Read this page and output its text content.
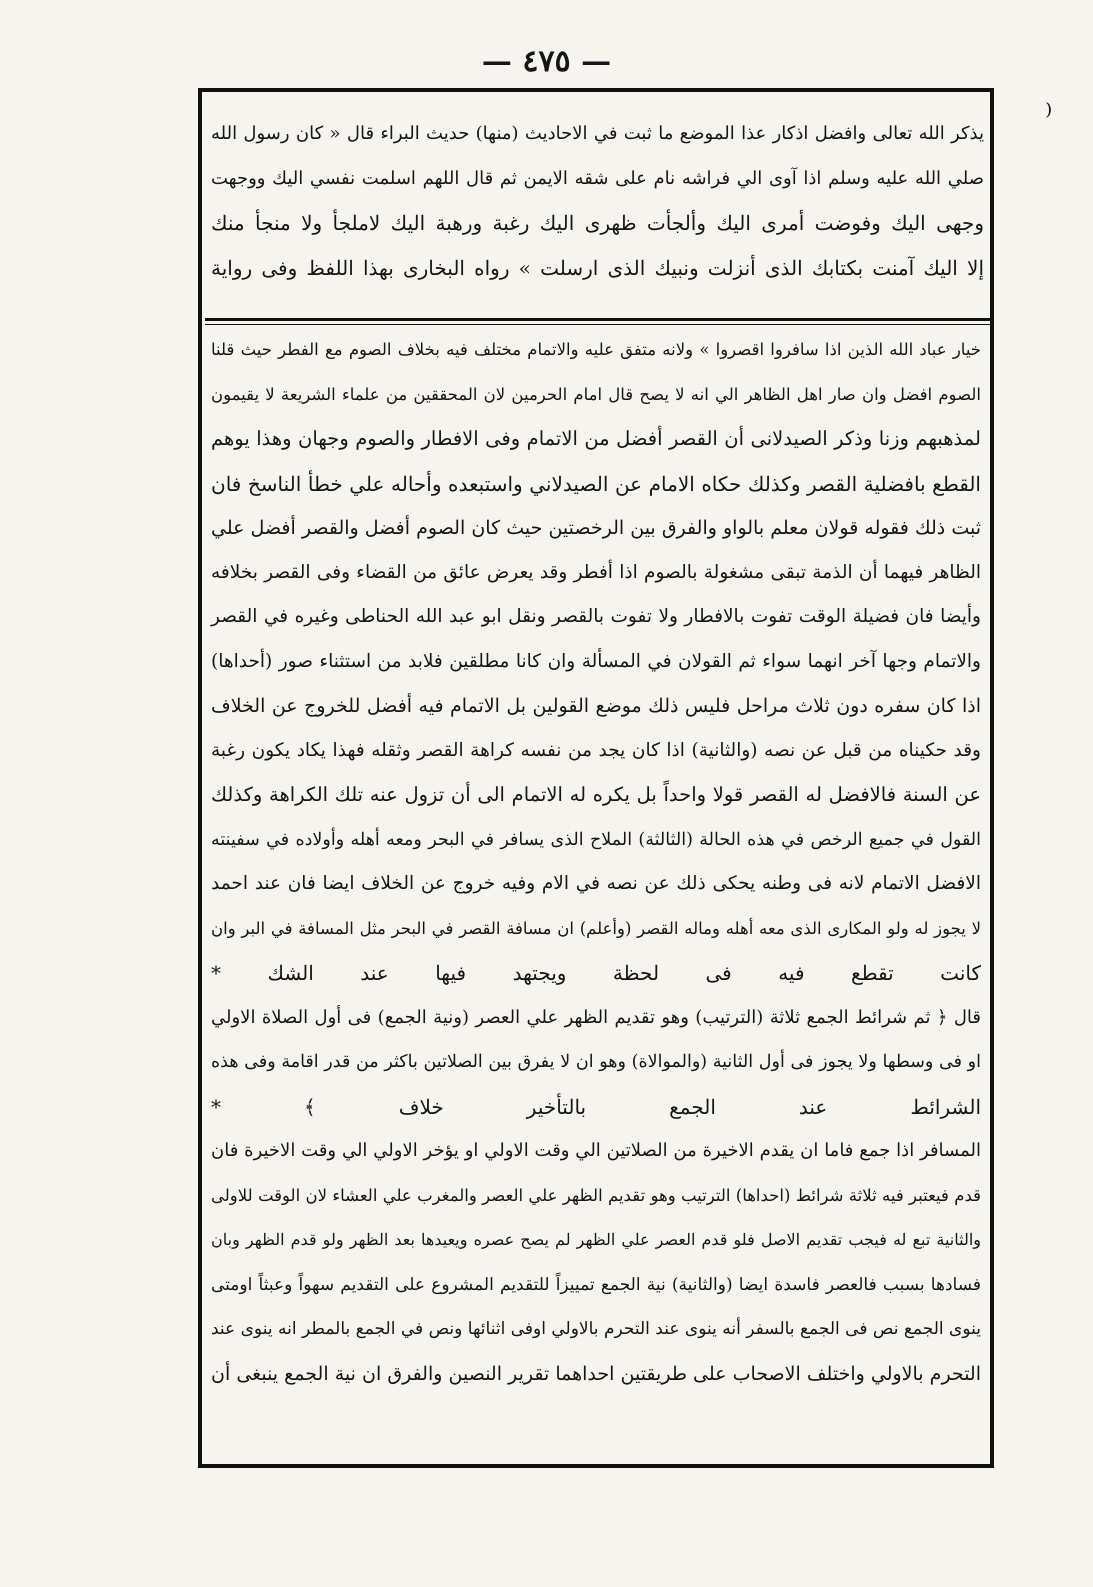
— ٤٧٥ —
⁾
يذكر الله تعالى وافضل اذكار عذا الموضع ما ثبت في الاحاديث (منها) حديث البراء قال « كان رسول الله
صلي الله عليه وسلم اذا آوى الي فراشه نام على شقه الايمن ثم قال اللهم اسلمت نفسي اليك ووجهت
وجهى اليك وفوضت أمرى اليك وألجأت ظهرى اليك رغبة ورهبة اليك لاملجأ ولا منجأ منك
إلا اليك آمنت بكتابك الذى أنزلت ونبيك الذى ارسلت » رواه البخارى بهذا اللفظ وفى رواية
خيار عباد الله الذين اذا سافروا اقصروا » ولانه متفق عليه والاتمام مختلف فيه بخلاف الصوم مع الفطر حيث قلنا
الصوم افضل وان صار اهل الظاهر الي انه لا يصح قال امام الحرمين لان المحققين من علماء الشريعة لا يقيمون
لمذهبهم وزنا وذكر الصيدلانى أن القصر أفضل من الاتمام وفى الافطار والصوم وجهان وهذا يوهم
القطع بافضلية القصر وكذلك حكاه الامام عن الصيدلاني واستبعده وأحاله علي خطأ الناسخ فان
ثبت ذلك فقوله قولان معلم بالواو والفرق بين الرخصتين حيث كان الصوم أفضل والقصر أفضل علي
الظاهر فيهما أن الذمة تبقى مشغولة بالصوم اذا أفطر وقد يعرض عائق من القضاء وفى القصر بخلافه
وأيضا فان فضيلة الوقت تفوت بالافطار ولا تفوت بالقصر ونقل ابو عبد الله الحناطى وغيره في القصر
والاتمام وجها آخر انهما سواء ثم القولان في المسألة وان كانا مطلقين فلابد من استثناء صور (أحداها)
اذا كان سفره دون ثلاث مراحل فليس ذلك موضع القولين بل الاتمام فيه أفضل للخروج عن الخلاف
وقد حكيناه من قبل عن نصه (والثانية) اذا كان يجد من نفسه كراهة القصر وثقله فهذا يكاد يكون رغبة
عن السنة فالافضل له القصر قولا واحداً بل يكره له الاتمام الى أن تزول عنه تلك الكراهة وكذلك
القول في جميع الرخص في هذه الحالة (الثالثة) الملاح الذى يسافر في البحر ومعه أهله وأولاده في سفينته
الافضل الاتمام لانه فى وطنه يحكى ذلك عن نصه في الام وفيه خروج عن الخلاف ايضا فان عند احمد
لا يجوز له ولو المكارى الذى معه أهله وماله القصر (وأعلم) ان مسافة القصر في البحر مثل المسافة في البر وان
كانت تقطع فيه فى لحظة ويجتهد فيها عند الشك *
قال ﴿ ثم شرائط الجمع ثلاثة (الترتيب) وهو تقديم الظهر علي العصر (ونية الجمع) فى أول الصلاة الاولي
او فى وسطها ولا يجوز فى أول الثانية (والموالاة) وهو ان لا يفرق بين الصلاتين باكثر من قدر اقامة وفى هذه
الشرائط عند الجمع بالتأخير خلاف ﴾ *
المسافر اذا جمع فاما ان يقدم الاخيرة من الصلاتين الي وقت الاولي او يؤخر الاولي الي وقت الاخيرة فان
قدم فيعتبر فيه ثلاثة شرائط (احداها) الترتيب وهو تقديم الظهر علي العصر والمغرب علي العشاء لان الوقت للاولى
والثانية تبع له فيجب تقديم الاصل فلو قدم العصر علي الظهر لم يصح عصره ويعيدها بعد الظهر ولو قدم الظهر وبان
فسادها بسبب فالعصر فاسدة ايضا (والثانية) نية الجمع تمييزاً للتقديم المشروع على التقديم سهواً وعبثاً اومتى
ينوى الجمع نص فى الجمع بالسفر أنه ينوى عند التحرم بالاولي اوفى اثنائها ونص في الجمع بالمطر انه ينوى عند
التحرم بالاولي واختلف الاصحاب على طريقتين احداهما تقرير النصين والفرق ان نية الجمع ينبغى أن
